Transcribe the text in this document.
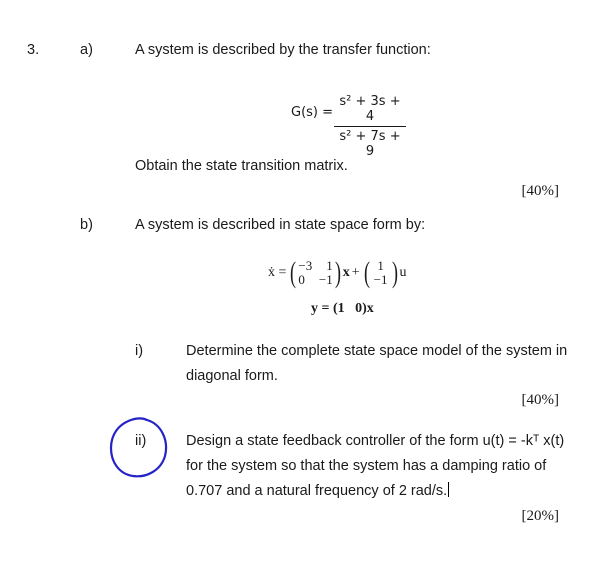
3.	a)	A system is described by the transfer function:
G(s) =
s² + 3s + 4
s² + 7s + 9
Obtain the state transition matrix.
[40%]
b)	A system is described in state space form by:
ẋ = ( −3 1
0 −1 ) x + ( 1
−1 ) u
y = (1   0)x
i)	Determine the complete state space model of the system in
diagonal form.
[40%]
ii)	Design a state feedback controller of the form u(t) = -kᵀ x(t)
for the system so that the system has a damping ratio of
0.707 and a natural frequency of 2 rad/s.
[20%]
